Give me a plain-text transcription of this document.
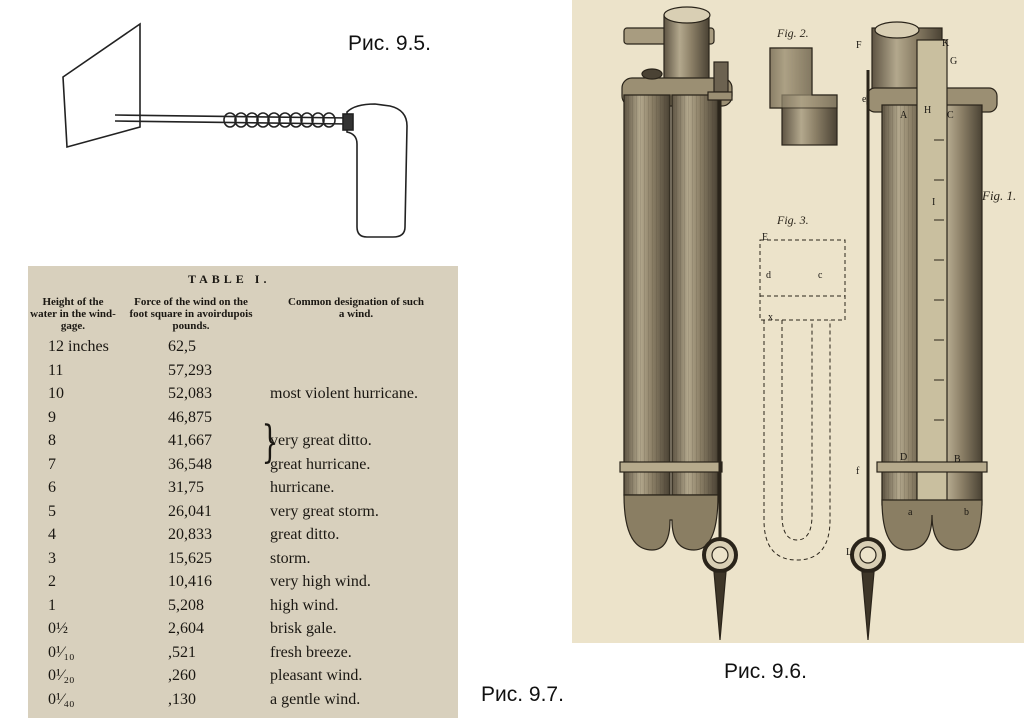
Рис. 9.5.
Рис. 9.7.
Рис. 9.6.
TABLE I.
Height of the water in the wind-gage.
Force of the wind on the foot square in avoirdupois pounds.
Common designation of such a wind.
12 inches	62,5
11	57,293
10	52,083	most violent hurricane.
9	46,875
8	41,667	very great ditto.
7	36,548	great hurricane.
6	31,75	hurricane.
5	26,041	very great storm.
4	20,833	great ditto.
3	15,625	storm.
2	10,416	very high wind.
1	5,208	high wind.
0½	2,604	brisk gale.
0¹⁄₁₀	,521	fresh breeze.
0¹⁄₂₀	,260	pleasant wind.
0¹⁄₄₀	,130	a gentle wind.
}
Fig. 2.
Fig. 3.
Fig. 1.
F
G
K
C
H
A
B
D
E
I
L
a	b
d
e
f
c
x
